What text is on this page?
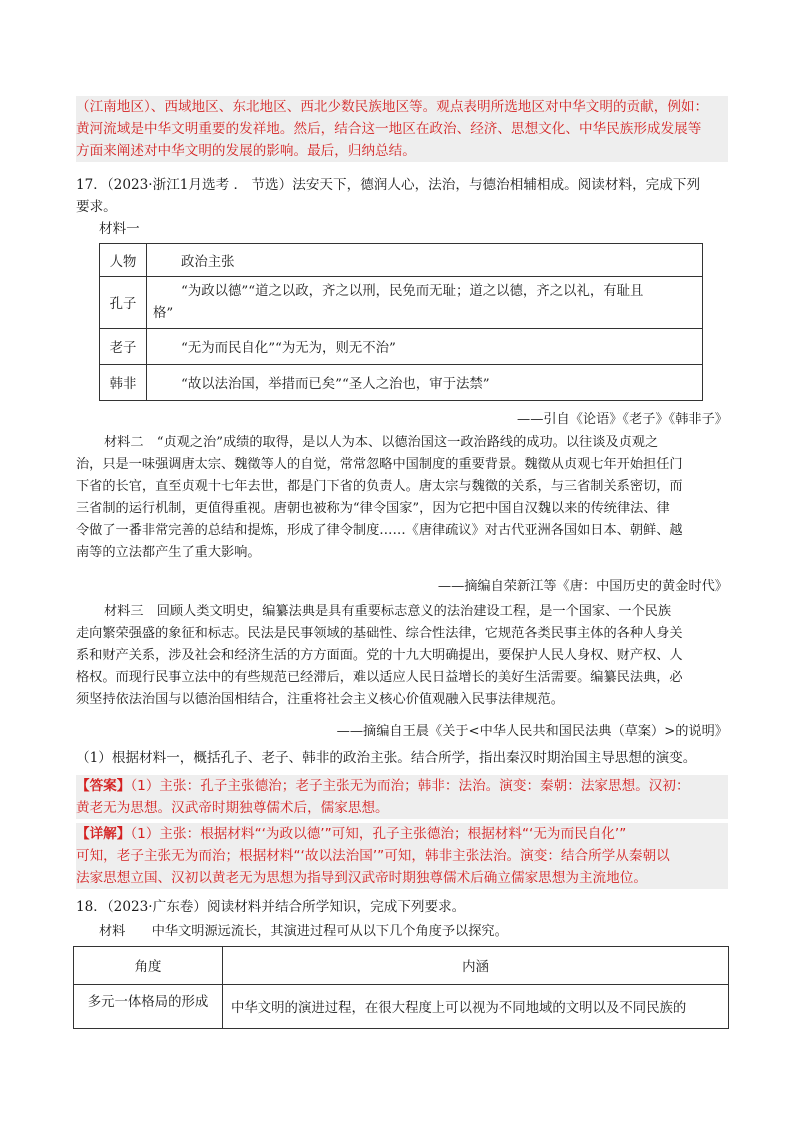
（江南地区）、西域地区、东北地区、西北少数民族地区等。观点表明所选地区对中华文明的贡献，例如：
黄河流域是中华文明重要的发祥地。然后，结合这一地区在政治、经济、思想文化、中华民族形成发展等
方面来阐述对中华文明的发展的影响。最后，归纳总结。
17．（2023·浙江1月选考 ． 节选）法安天下，德润人心，法治，与德治相辅相成。阅读材料，完成下列
要求。
材料一
人物	政治主张
孔子	“为政以德”“道之以政，齐之以刑，民免而无耻；道之以德，齐之以礼，有耻且
格”

老子	“无为而民自化”“为无为，则无不治”
韩非	“故以法治国，举措而已矣”“圣人之治也，审于法禁”
——引自《论语》《老子》《韩非子》
材料二　“贞观之治”成绩的取得，是以人为本、以德治国这一政治路线的成功。以往谈及贞观之
治，只是一味强调唐太宗、魏徵等人的自觉，常常忽略中国制度的重要背景。魏徵从贞观七年开始担任门
下省的长官，直至贞观十七年去世，都是门下省的负责人。唐太宗与魏徵的关系，与三省制关系密切，而
三省制的运行机制，更值得重视。唐朝也被称为“律令国家”，因为它把中国自汉魏以来的传统律法、律
令做了一番非常完善的总结和提炼，形成了律令制度……《唐律疏议》对古代亚洲各国如日本、朝鲜、越
南等的立法都产生了重大影响。
——摘编自荣新江等《唐：中国历史的黄金时代》
材料三　回顾人类文明史，编纂法典是具有重要标志意义的法治建设工程，是一个国家、一个民族
走向繁荣强盛的象征和标志。民法是民事领域的基础性、综合性法律，它规范各类民事主体的各种人身关
系和财产关系，涉及社会和经济生活的方方面面。党的十九大明确提出，要保护人民人身权、财产权、人
格权。而现行民事立法中的有些规范已经滞后，难以适应人民日益增长的美好生活需要。编纂民法典，必
须坚持依法治国与以德治国相结合，注重将社会主义核心价值观融入民事法律规范。
——摘编自王晨《关于<中华人民共和国民法典（草案）>的说明》
（1）根据材料一，概括孔子、老子、韩非的政治主张。结合所学，指出秦汉时期治国主导思想的演变。
【答案】（1）主张：孔子主张德治；老子主张无为而治；韩非：法治。演变：秦朝：法家思想。汉初：
黄老无为思想。汉武帝时期独尊儒术后，儒家思想。
【详解】（1）主张：根据材料“‘为政以德’”可知，孔子主张德治；根据材料“‘无为而民自化’”
可知，老子主张无为而治；根据材料“‘故以法治国’”可知，韩非主张法治。演变：结合所学从秦朝以
法家思想立国、汉初以黄老无为思想为指导到汉武帝时期独尊儒术后确立儒家思想为主流地位。
18．（2023·广东卷）阅读材料并结合所学知识，完成下列要求。
材料　　中华文明源远流长，其演进过程可从以下几个角度予以探究。
角度	内涵
多元一体格局的形成	中华文明的演进过程，在很大程度上可以视为不同地域的文明以及不同民族的
